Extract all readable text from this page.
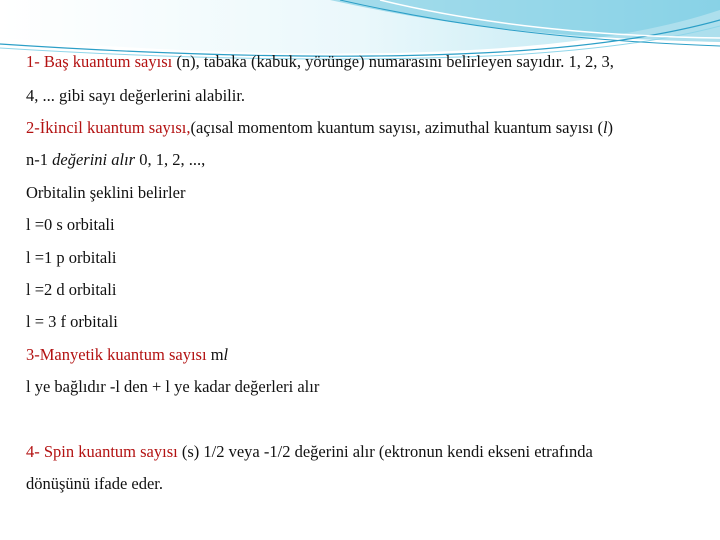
1- Baş kuantum sayısı (n), tabaka (kabuk, yörünge) numarasını belirleyen sayıdır. 1, 2, 3,
4, ... gibi sayı değerlerini alabilir.
2-İkincil kuantum sayısı,(açısal momentom kuantum sayısı, azimuthal kuantum sayısı (l)
n-1 değerini alır 0, 1, 2, ...,
Orbitalin şeklini belirler
l =0 s orbitali
l =1 p orbitali
l =2 d orbitali
l = 3 f orbitali
3-Manyetik kuantum sayısı ml
l ye bağlıdır -l den + l ye kadar değerleri alır
4- Spin kuantum sayısı (s) 1/2 veya -1/2 değerini alır (ektronun kendi ekseni etrafında
dönüşünü ifade eder.
